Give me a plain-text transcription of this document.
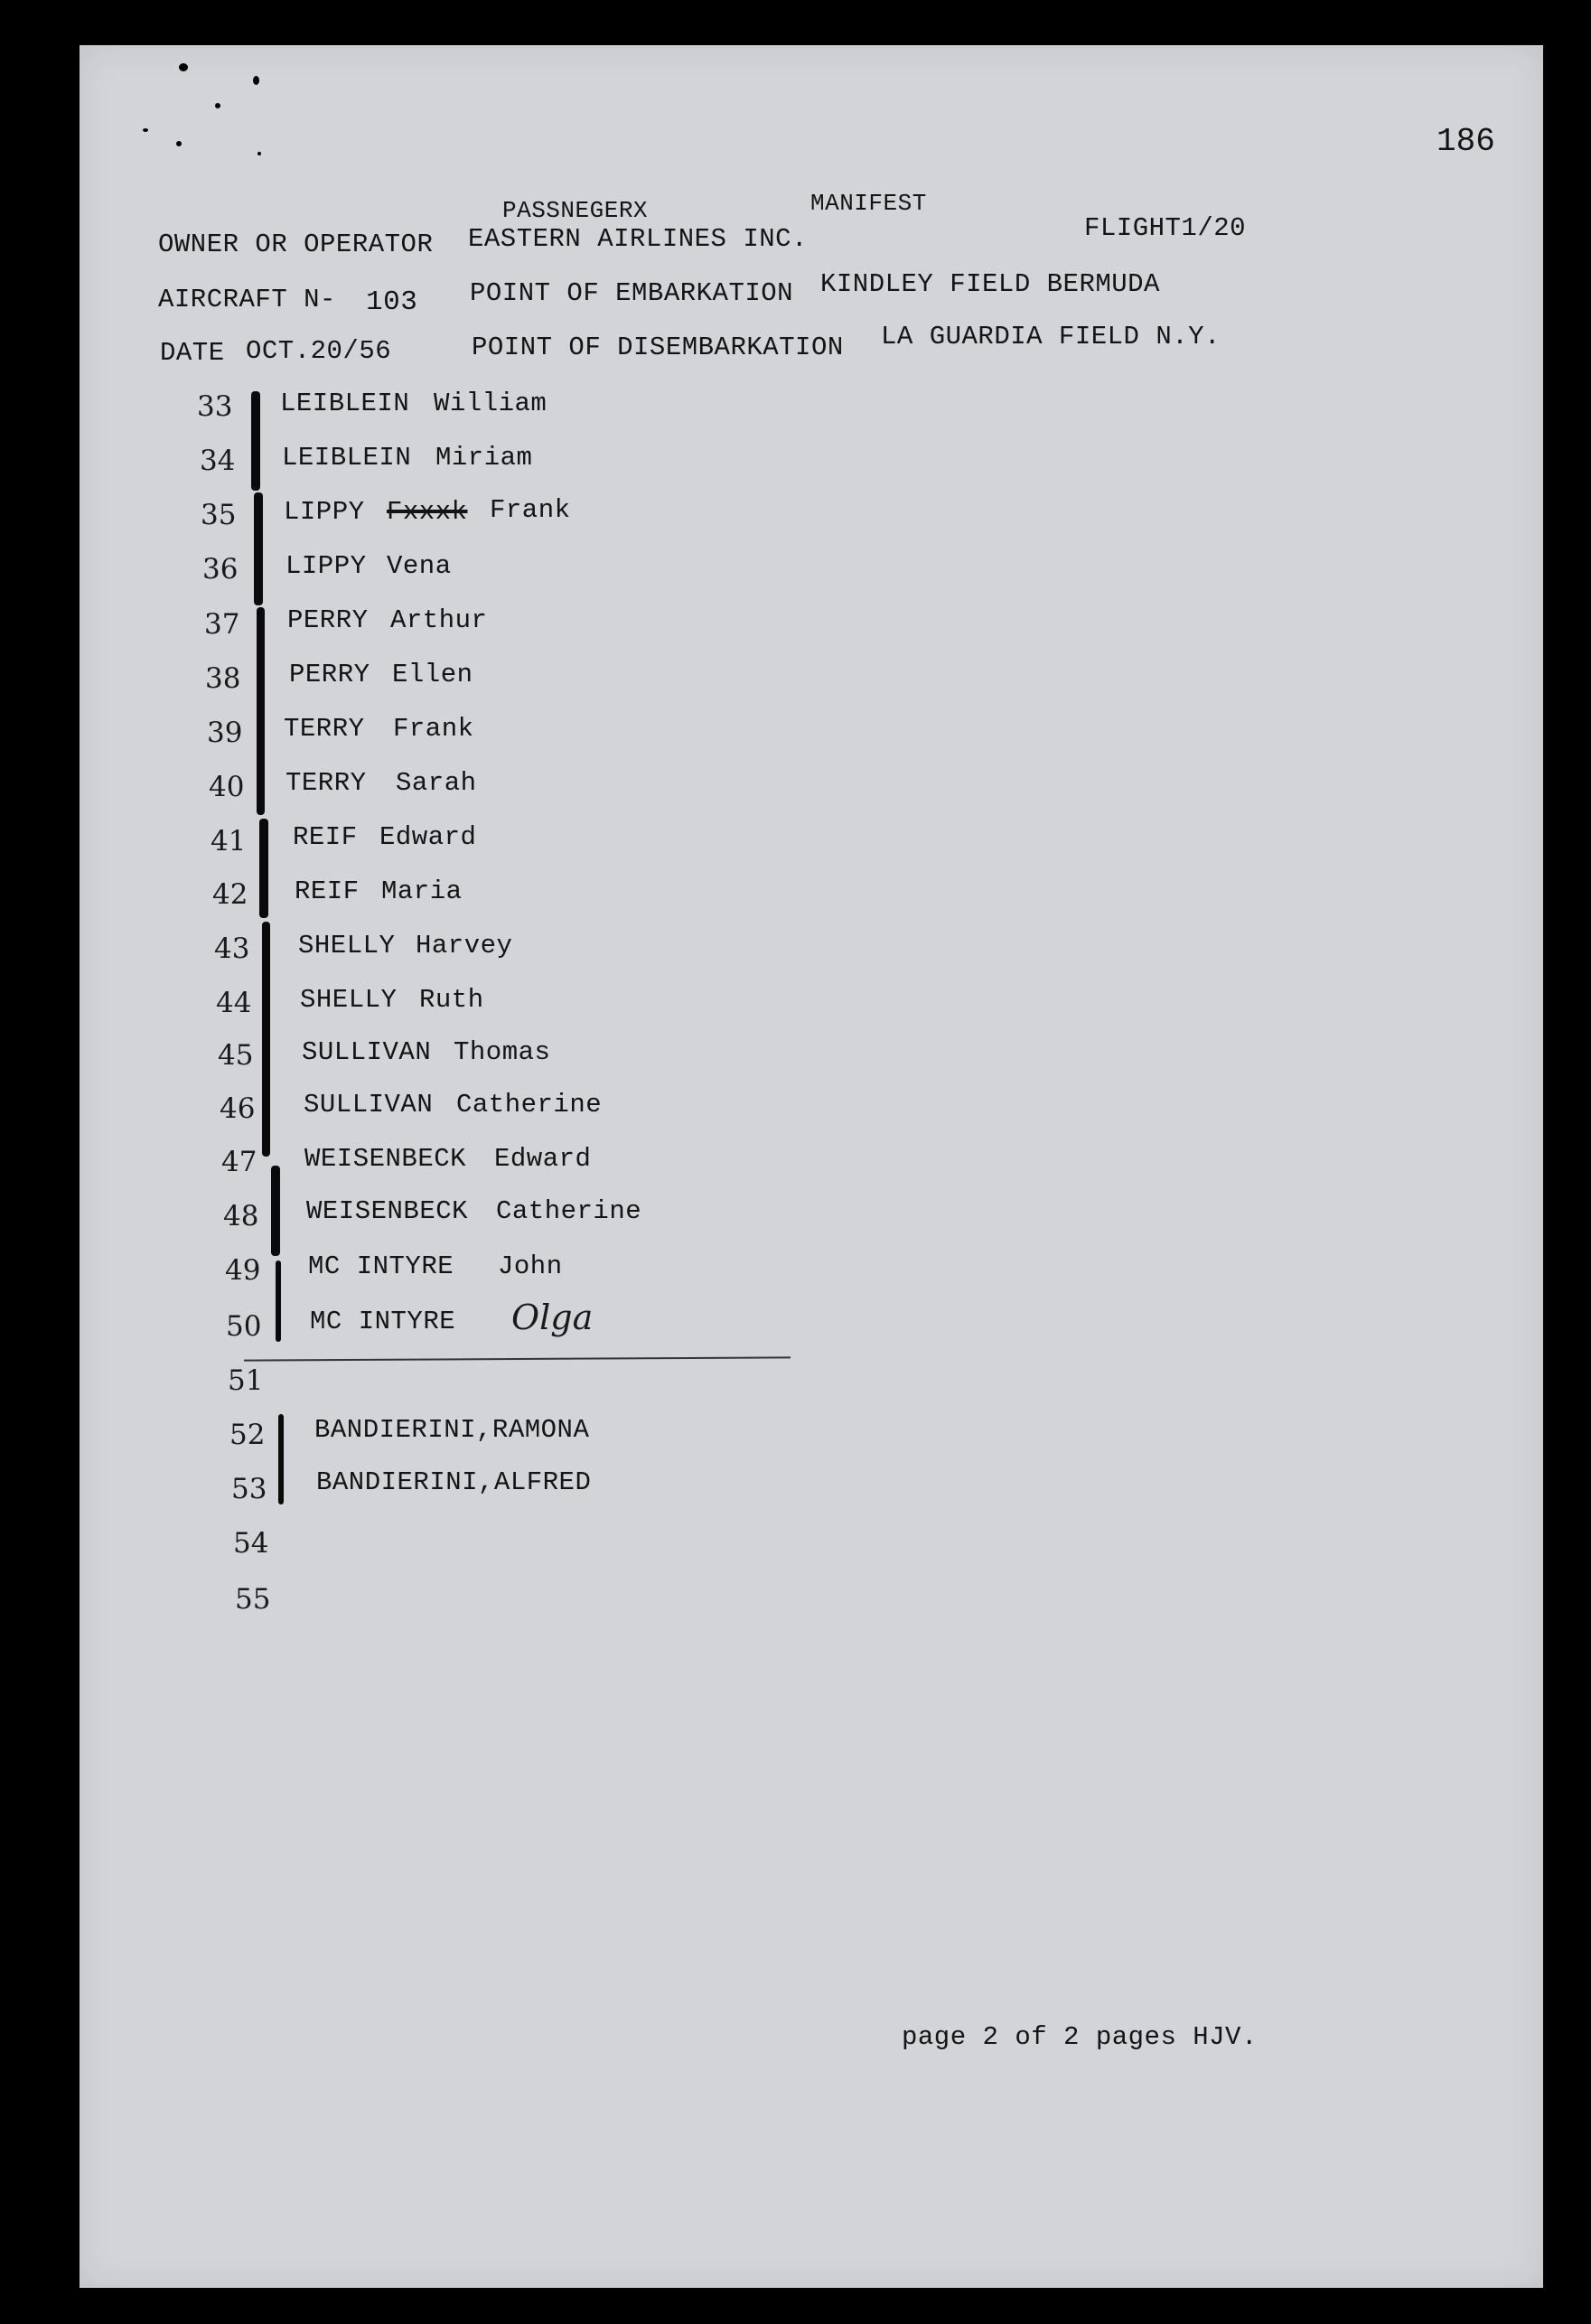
186
PASSNEGERX	MANIFEST
OWNER OR OPERATOR EASTERN AIRLINES INC.	FLIGHT1/20
AIRCRAFT N- 103 POINT OF EMBARKATION KINDLEY FIELD BERMUDA
DATE OCT.20/56	POINT OF DISEMBARKATION LA GUARDIA FIELD N.Y.
33 LEIBLEIN William
34 LEIBLEIN Miriam
35 LIPPY Fxxxk Frank
36 LIPPY Vena
37 PERRY Arthur
38 PERRY Ellen
39 TERRY Frank
40 TERRY Sarah
41 REIF Edward
42 REIF Maria
43 SHELLY Harvey
44 SHELLY Ruth
45 SULLIVAN Thomas
46 SULLIVAN Catherine
47 WEISENBECK Edward
48 WEISENBECK Catherine
49 MC INTYRE John
50 MC INTYRE Olga
51
52 BANDIERINI,RAMONA
53 BANDIERINI,ALFRED
54
55
page 2 of 2 pages HJV.
